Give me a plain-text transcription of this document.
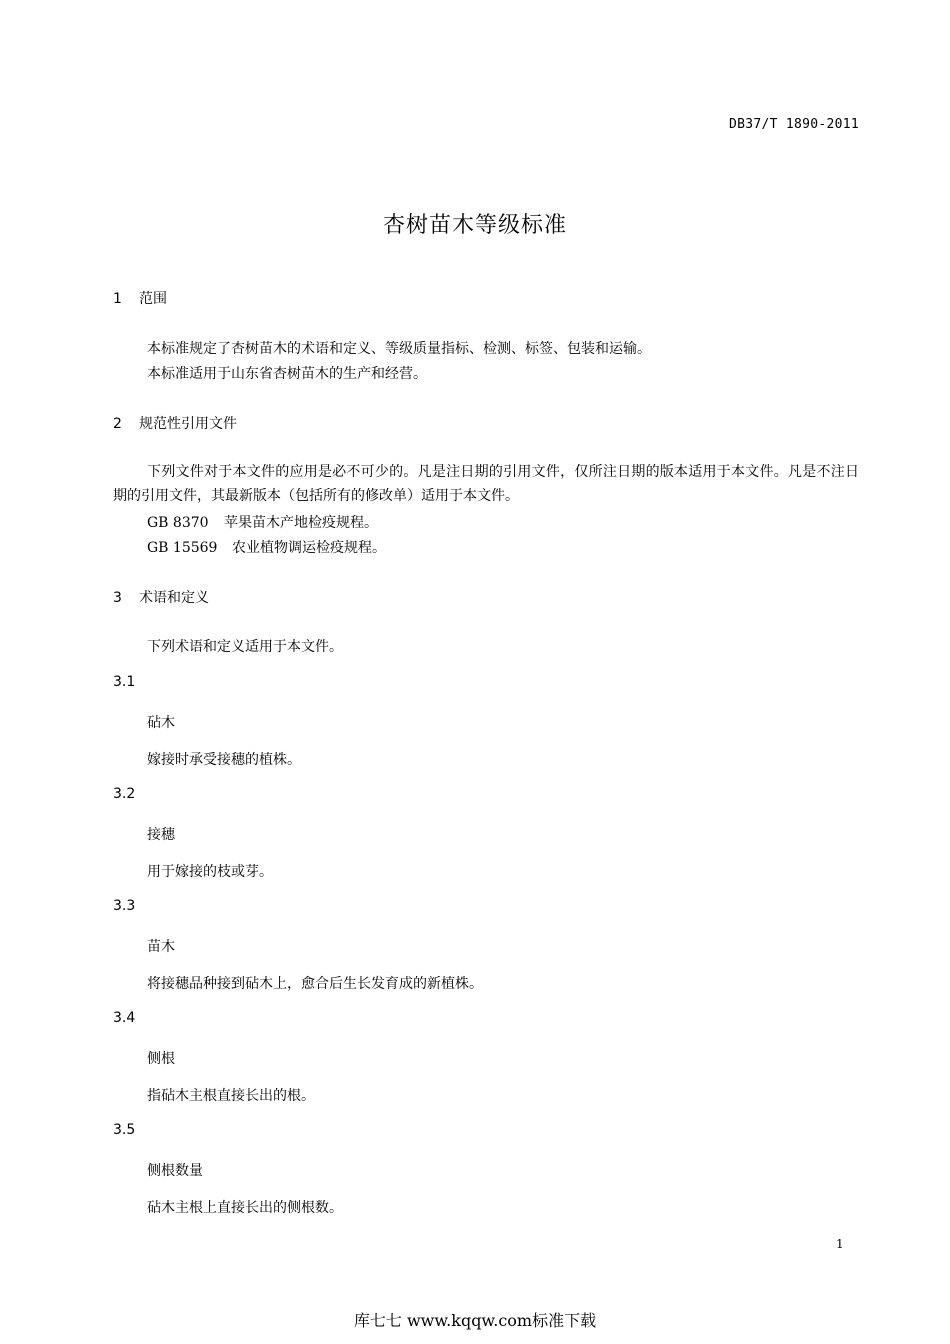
DB37/T 1890-2011
杏树苗木等级标准
1 范围
本标准规定了杏树苗木的术语和定义、等级质量指标、检测、标签、包装和运输。
本标准适用于山东省杏树苗木的生产和经营。
2 规范性引用文件
下列文件对于本文件的应用是必不可少的。凡是注日期的引用文件，仅所注日期的版本适用于本文件。凡是不注日期的引用文件，其最新版本（包括所有的修改单）适用于本文件。
GB 8370 苹果苗木产地检疫规程。
GB 15569 农业植物调运检疫规程。
3 术语和定义
下列术语和定义适用于本文件。
3.1
砧木
嫁接时承受接穗的植株。
3.2
接穗
用于嫁接的枝或芽。
3.3
苗木
将接穗品种接到砧木上，愈合后生长发育成的新植株。
3.4
侧根
指砧木主根直接长出的根。
3.5
侧根数量
砧木主根上直接长出的侧根数。
1
库七七 www.kqqw.com标准下载
